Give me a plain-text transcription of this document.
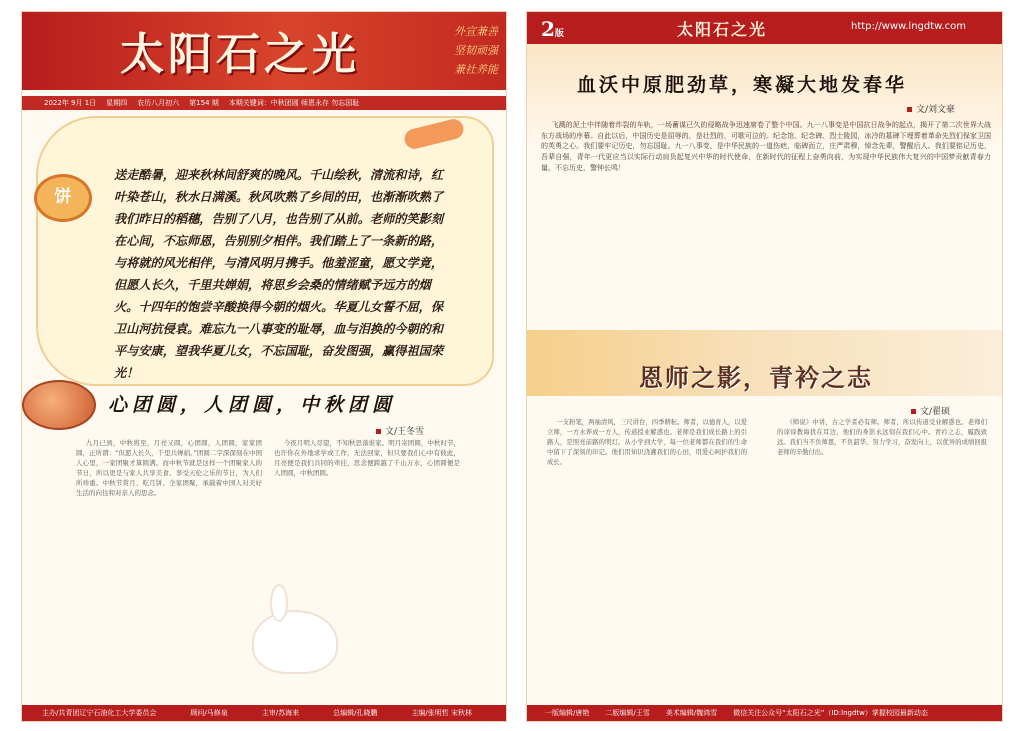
太阳石之光	外宣兼善
坚韧顽强
兼社养能
2022年 9月 1日 星期四 农历八月初六 第154 期 本期关键词：中秋团圆 师恩永存 勿忘国耻
饼
送走酷暑，迎来秋林间舒爽的晚风。千山绘秋，清流和诗，红叶染苍山，秋水日满溪。秋风吹熟了乡间的田，也渐渐吹熟了我们昨日的稻穗，告别了八月，也告别了从前。老师的笑影刻在心间，不忘师恩，告别别夕相伴。我们踏上了一条新的路，与将就的风光相伴，与清风明月携手。他羞涩童，愿文学竟，但愿人长久，千里共婵娟，将思乡会桑的情绪赋予远方的烟火。十四年的饱尝辛酸换得今朝的烟火。华夏儿女誓不屈，保卫山河抗侵袁。难忘九一八事变的耻辱，血与泪换的今朝的和平与安康，望我华夏儿女，不忘国耻，奋发图强，赢得祖国荣光！
心团圆，人团圆，中秋团圆
文/王冬雪

九月已到，中秋将至，月亮又圆，心团圆，人团圆，家家团圆，正所谓：“但愿人长久，千里共婵娟。”团圆二字深深刻在中国人心里，一家团聚才算圆满。而中秋节就是这样一个团聚家人的节日，所以更是与家人共享美食、享受天伦之乐的节日，为人们所珍重。中秋节赏月、吃月饼、全家团聚，承载着中国人对美好生活的向往和对亲人的思念。

今夜月明人尽望，不知秋思落谁家。明月寄团圆，中秋时节，也许你在外地求学或工作，无法回家，但只要我们心中有彼此，月亮便是我们共同的牵挂，思念便跨越了千山万水，心团圆便是人团圆，中秋团圆。

主办/共青团辽宁石油化工大学委员会	顾问/马修泉	主审/苏海来	总编辑/孔晓鹏	主编/张明哲 宋秋林
2版	太阳石之光	http://www.lngdtw.com
血沃中原肥劲草，寒凝大地发春华
文/刘文豪

飞溅的泥土中伴随着炸裂的车轨，一场蓄谋已久的侵略战争迅速席卷了整个中国。九一八事变是中国抗日战争的起点，揭开了第二次世界大战东方战场的序幕。自此以后，中国历史是屈辱的，是壮烈的，可歌可泣的。纪念馆、纪念碑、烈士陵园，冰冷的墓碑下埋葬着革命先烈们保家卫国的英勇之心。我们要牢记历史，勿忘国耻。九一八事变，是中华民族的一道伤疤，临碑而立，庄严肃穆，悼念先辈，警醒后人。我们要铭记历史，吾辈自强，青年一代更应当以实际行动肩负起复兴中华的时代使命，在新时代的征程上奋勇向前，为实现中华民族伟大复兴的中国梦贡献青春力量。不忘历史，警钟长鸣！

恩师之影，青衿之志
文/翟硕

一支粉笔，两袖清风，三尺讲台，四季耕耘。师者，以德育人，以爱立师，一方水养成一方人，传道授业解惑也。老师是我们成长路上的引路人，是照亮前路的明灯。从小学到大学，每一位老师都在我们的生命中留下了深刻的印记。他们用知识浇灌我们的心田，用爱心呵护我们的成长。

《师说》中讲，古之学者必有师。师者，所以传道受业解惑也。老师们的谆谆教诲犹在耳边，他们的身影永远刻在我们心中。青衿之志，履践致远。我们当不负师恩，不负韶华，努力学习，奋发向上，以优异的成绩回报老师的辛勤付出。

一版编辑/唐艳 二版编辑/王雪 美术编辑/魏鸿雪 微信关注公众号“太阳石之光”（ID:lngdtw）掌握校园最新动态
